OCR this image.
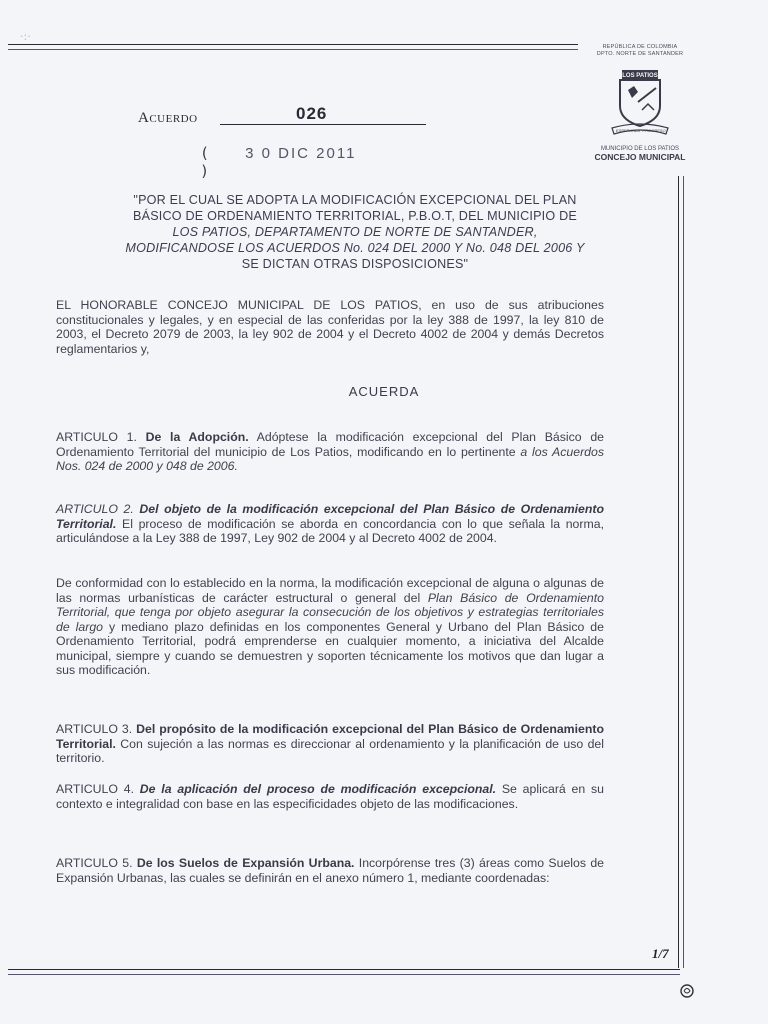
·:·
REPÚBLICA DE COLOMBIA
DPTO. NORTE DE SANTANDER
LOS PATIOS
ESPERANZA PROGRESO
MUNICIPIO DE LOS PATIOS
CONCEJO MUNICIPAL
Acuerdo	026
( 3 0 DIC 2011    )
"POR EL CUAL SE ADOPTA LA MODIFICACIÓN EXCEPCIONAL DEL PLAN
BÁSICO DE ORDENAMIENTO TERRITORIAL, P.B.O.T, DEL MUNICIPIO DE
LOS PATIOS, DEPARTAMENTO DE NORTE DE SANTANDER,
MODIFICANDOSE LOS ACUERDOS No. 024 DEL 2000 Y No. 048 DEL 2006 Y
SE DICTAN OTRAS DISPOSICIONES"
EL HONORABLE CONCEJO MUNICIPAL DE LOS PATIOS, en uso de sus atribuciones constitucionales y legales, y en especial de las conferidas por la ley 388 de 1997, la ley 810 de 2003, el Decreto 2079 de 2003, la ley 902 de 2004 y el Decreto 4002 de 2004 y demás Decretos reglamentarios y,
ACUERDA
ARTICULO 1. De la Adopción. Adóptese la modificación excepcional del Plan Básico de Ordenamiento Territorial del municipio de Los Patios, modificando en lo pertinente a los Acuerdos Nos. 024 de 2000 y 048 de 2006.
ARTICULO 2. Del objeto de la modificación excepcional del Plan Básico de Ordenamiento Territorial. El proceso de modificación se aborda en concordancia con lo que señala la norma, articulándose a la Ley 388 de 1997, Ley 902 de 2004 y al Decreto 4002 de 2004.
De conformidad con lo establecido en la norma, la modificación excepcional de alguna o algunas de las normas urbanísticas de carácter estructural o general del Plan Básico de Ordenamiento Territorial, que tenga por objeto asegurar la consecución de los objetivos y estrategias territoriales de largo y mediano plazo definidas en los componentes General y Urbano del Plan Básico de Ordenamiento Territorial, podrá emprenderse en cualquier momento, a iniciativa del Alcalde municipal, siempre y cuando se demuestren y soporten técnicamente los motivos que dan lugar a sus modificación.
ARTICULO 3. Del propósito de la modificación excepcional del Plan Básico de Ordenamiento Territorial. Con sujeción a las normas es direccionar al ordenamiento y la planificación de uso del territorio.
ARTICULO 4. De la aplicación del proceso de modificación excepcional. Se aplicará en su contexto e integralidad con base en las especificidades objeto de las modificaciones.
ARTICULO 5. De los Suelos de Expansión Urbana. Incorpórense tres (3) áreas como Suelos de Expansión Urbanas, las cuales se definirán en el anexo número 1, mediante coordenadas:
1/7
